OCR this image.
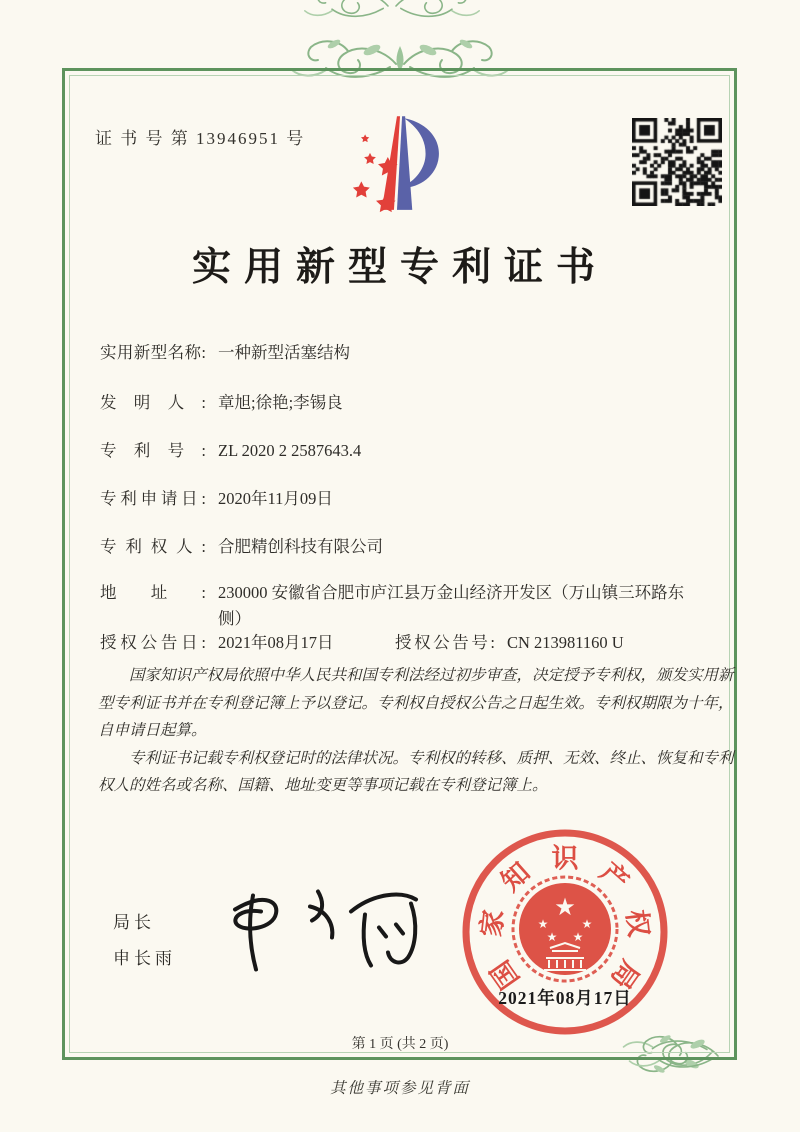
证 书 号 第 13946951 号
实用新型专利证书
实用新型名称: 一种新型活塞结构
发明人: 章旭;徐艳;李锡良
专利号: ZL 2020 2 2587643.4
专利申请日: 2020年11月09日
专利权人: 合肥精创科技有限公司
地址: 230000 安徽省合肥市庐江县万金山经济开发区（万山镇三环路东侧）
授权公告日: 2021年08月17日	授权公告号: CN 213981160 U

国家知识产权局依照中华人民共和国专利法经过初步审查，决定授予专利权，颁发实用新型专利证书并在专利登记簿上予以登记。专利权自授权公告之日起生效。专利权期限为十年，自申请日起算。

专利证书记载专利权登记时的法律状况。专利权的转移、质押、无效、终止、恢复和专利权人的姓名或名称、国籍、地址变更等事项记载在专利登记簿上。

局长
申长雨
★
★	★
★ ★
国
家
知 识 产
权
局
2021年08月17日
第 1 页 (共 2 页)
其他事项参见背面
